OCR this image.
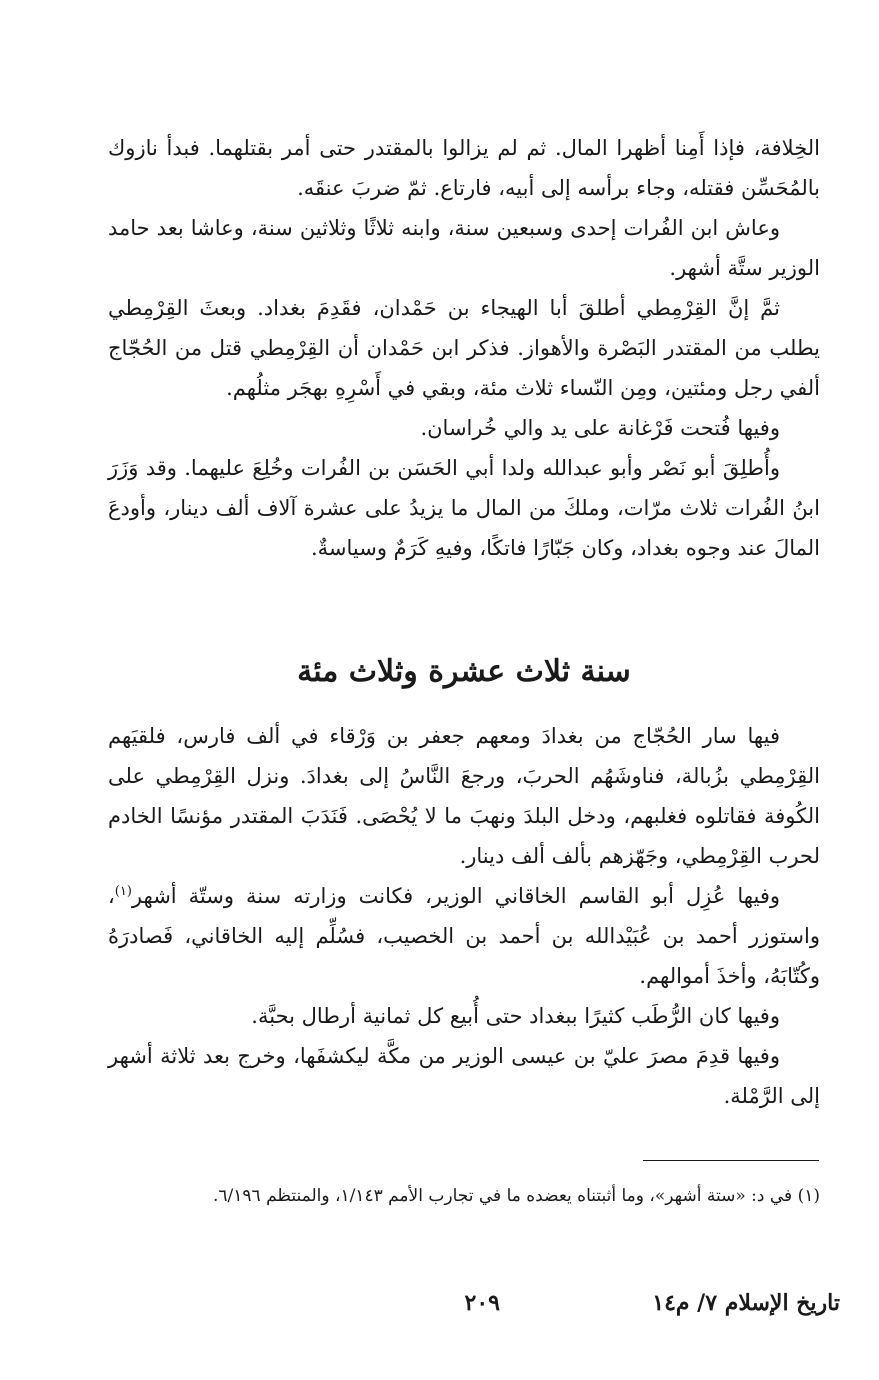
الخِلافة، فإذا أَمِنا أظهرا المال. ثم لم يزالوا بالمقتدر حتى أمر بقتلهما. فبدأ نازوك بالمُحَسِّن فقتله، وجاء برأسه إلى أبيه، فارتاع. ثمّ ضربَ عنقَه.

وعاش ابن الفُرات إحدى وسبعين سنة، وابنه ثلاثًا وثلاثين سنة، وعاشا بعد حامد الوزير ستَّة أشهر.

ثمَّ إنَّ القِرْمِطي أطلقَ أبا الهيجاء بن حَمْدان، فقَدِمَ بغداد. وبعثَ القِرْمِطي يطلب من المقتدر البَصْرة والأهواز. فذكر ابن حَمْدان أن القِرْمِطي قتل من الحُجّاج ألفي رجل ومئتين، ومِن النّساء ثلاث مئة، وبقي في أَسْرِهِ بهجَر مثلُهم.

وفيها فُتحت فَرْغانة على يد والي خُراسان.

وأُطلِقَ أبو نَصْر وأبو عبدالله ولدا أبي الحَسَن بن الفُرات وخُلِعَ عليهما. وقد وَزَرَ ابنُ الفُرات ثلاث مرّات، وملكَ من المال ما يزيدُ على عشرة آلاف ألف دينار، وأودعَ المالَ عند وجوه بغداد، وكان جَبّارًا فاتكًا، وفيهِ كَرَمٌ وسياسةٌ.

سنة ثلاث عشرة وثلاث مئة

فيها سار الحُجّاج من بغدادَ ومعهم جعفر بن وَرْقاء في ألف فارس، فلقيَهم القِرْمِطي بزُبالة، فناوشَهُم الحربَ، ورجعَ النَّاسُ إلى بغدادَ. ونزل القِرْمِطي على الكُوفة فقاتلوه فغلبهم، ودخل البلدَ ونهبَ ما لا يُحْصَى. فَنَدَبَ المقتدر مؤنسًا الخادم لحرب القِرْمِطي، وجَهّزهم بألف ألف دينار.

وفيها عُزِل أبو القاسم الخاقاني الوزير، فكانت وزارته سنة وستّة أشهر$^{(١)}$، واستوزر أحمد بن عُبَيْدالله بن أحمد بن الخصيب، فسُلِّم إليه الخاقاني، فَصادرَهُ وكُتّابَهُ، وأخذَ أموالهم.

وفيها كان الرُّطَب كثيرًا ببغداد حتى أُبيع كل ثمانية أرطال بحبَّة.

وفيها قدِمَ مصرَ عليّ بن عيسى الوزير من مكَّة ليكشفَها، وخرج بعد ثلاثة أشهر إلى الرَّمْلة.

(١) في د: «ستة أشهر»، وما أثبتناه يعضده ما في تجارب الأمم ١/١٤٣، والمنتظم ٦/١٩٦.
تاريخ الإسلام ٧/ م١٤
٢٠٩
